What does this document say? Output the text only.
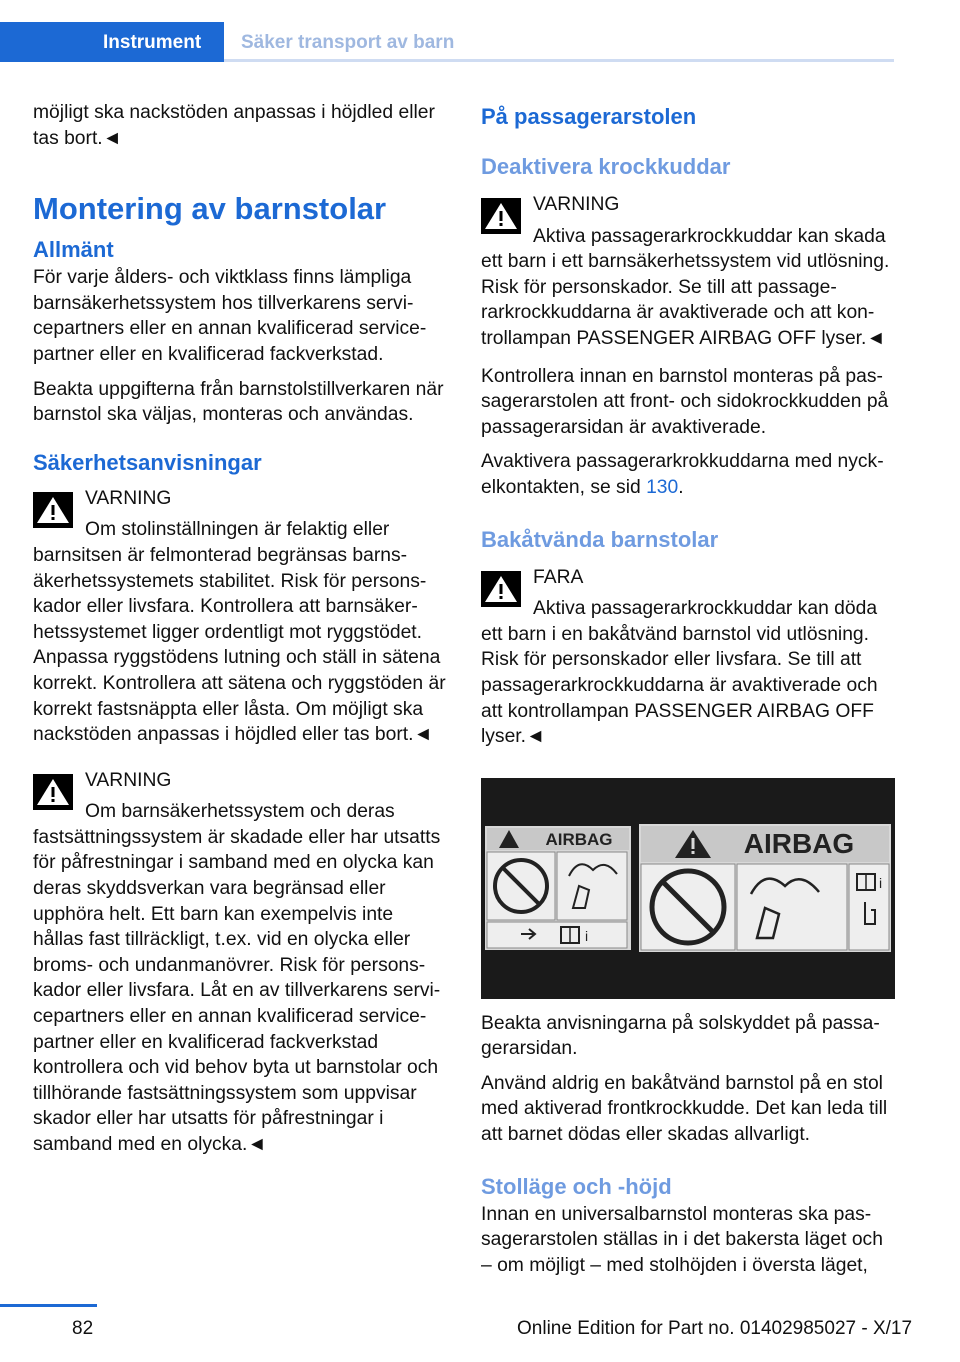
Instrument Säker transport av barn

möjligt ska nackstöden anpassas i höjdled eller tas bort.◄

Montering av barnstolar
Allmänt

För varje ålders- och viktklass finns lämpliga barnsäkerhetssystem hos tillverkarens servicepartners eller en annan kvalificerad servicepartner eller en kvalificerad fackverkstad.

Beakta uppgifterna från barnstolstillverkaren när barnstol ska väljas, monteras och användas.

Säkerhetsanvisningar

VARNING

Om stolinställningen är felaktig eller barnsitsen är felmonterad begränsas barnsäkerhetssystemets stabilitet. Risk för personskador eller livsfara. Kontrollera att barnsäkerhetssystemet ligger ordentligt mot ryggstödet. Anpassa ryggstödens lutning och ställ in sätena korrekt. Kontrollera att sätena och ryggstöden är korrekt fastsnäppta eller låsta. Om möjligt ska nackstöden anpassas i höjdled eller tas bort.◄

VARNING

Om barnsäkerhetssystem och deras fastsättningssystem är skadade eller har utsatts för påfrestningar i samband med en olycka kan deras skyddsverkan vara begränsad eller upphöra helt. Ett barn kan exempelvis inte hållas fast tillräckligt, t.ex. vid en olycka eller broms- och undanmanövrer. Risk för personskador eller livsfara. Låt en av tillverkarens servicepartners eller en annan kvalificerad servicepartner eller en kvalificerad fackverkstad kontrollera och vid behov byta ut barnstolar och tillhörande fastsättningssystem som uppvisar skador eller har utsatts för påfrestningar i samband med en olycka.◄

På passagerarstolen
Deaktivera krockkuddar

VARNING

Aktiva passagerarkrockkuddar kan skada ett barn i ett barnsäkerhetssystem vid utlösning. Risk för personskador. Se till att passagerarkrockkuddarna är avaktiverade och att kontrollampan PASSENGER AIRBAG OFF lyser.◄

Kontrollera innan en barnstol monteras på passagerarstolen att front- och sidokrockkudden på passagerarsidan är avaktiverade.

Avaktivera passagerarkrokkuddarna med nyckelkontakten, se sid 130.

Bakåtvända barnstolar

FARA

Aktiva passagerarkrockkuddar kan döda ett barn i en bakåtvänd barnstol vid utlösning. Risk för personskador eller livsfara. Se till att passagerarkrockkuddarna är avaktiverade och att kontrollampan PASSENGER AIRBAG OFF lyser.◄

AIRBAG
i
AIRBAG
i

Beakta anvisningarna på solskyddet på passagerarsidan.

Använd aldrig en bakåtvänd barnstol på en stol med aktiverad frontkrockkudde. Det kan leda till att barnet dödas eller skadas allvarligt.

Stolläge och -höjd

Innan en universalbarnstol monteras ska passagerarstolen ställas in i det bakersta läget och – om möjligt – med stolhöjden i översta läget,

82	Online Edition for Part no. 01402985027 - X/17
